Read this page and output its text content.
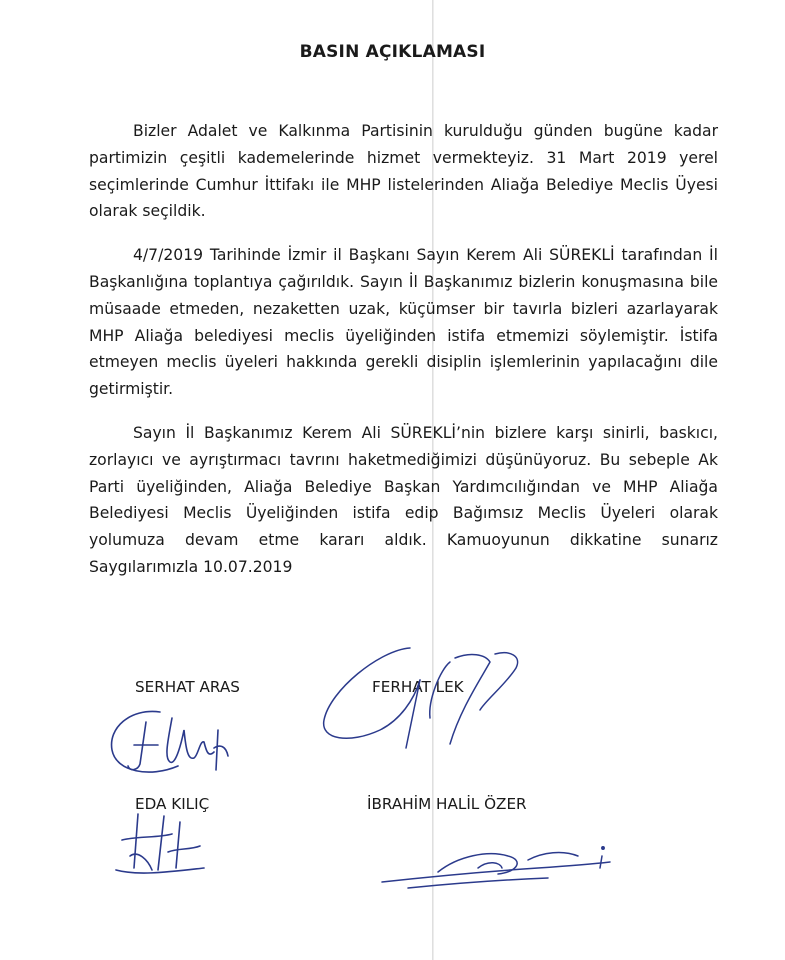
BASIN AÇIKLAMASI

Bizler Adalet ve Kalkınma Partisinin kurulduğu günden bugüne kadar partimizin çeşitli kademelerinde hizmet vermekteyiz. 31 Mart 2019 yerel seçimlerinde Cumhur İttifakı ile MHP listelerinden Aliağa Belediye Meclis Üyesi olarak seçildik.

4/7/2019 Tarihinde İzmir il Başkanı Sayın Kerem Ali SÜREKLİ tarafından İl Başkanlığına toplantıya çağırıldık. Sayın İl Başkanımız bizlerin konuşmasına bile müsaade etmeden, nezaketten uzak, küçümser bir tavırla bizleri azarlayarak MHP Aliağa belediyesi meclis üyeliğinden istifa etmemizi söylemiştir. İstifa etmeyen meclis üyeleri hakkında gerekli disiplin işlemlerinin yapılacağını dile getirmiştir.

Sayın İl Başkanımız Kerem Ali SÜREKLİ’nin bizlere karşı sinirli, baskıcı, zorlayıcı ve ayrıştırmacı tavrını haketmediğimizi düşünüyoruz. Bu sebeple Ak Parti üyeliğinden, Aliağa Belediye Başkan Yardımcılığından ve MHP Aliağa Belediyesi Meclis Üyeliğinden istifa edip Bağımsız Meclis Üyeleri olarak yolumuza devam etme kararı aldık. Kamuoyunun dikkatine sunarız Saygılarımızla 10.07.2019

SERHAT ARAS	FERHAT LEK
EDA KILIÇ	İBRAHİM HALİL ÖZER
